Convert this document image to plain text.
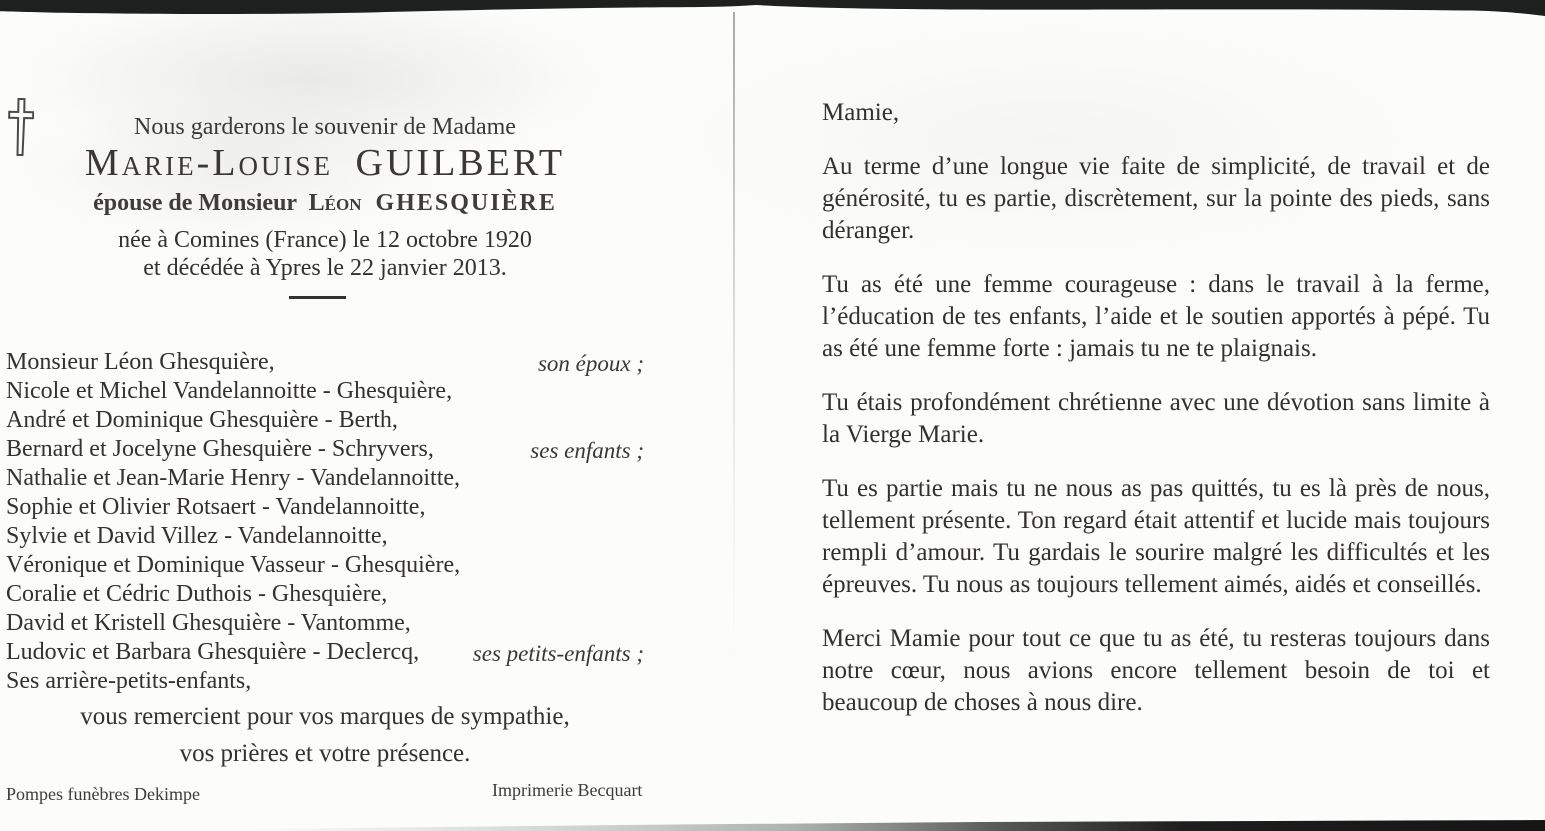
Nous garderons le souvenir de Madame
Marie-Louise GUILBERT
épouse de Monsieur Léon GHESQUIÈRE
née à Comines (France) le 12 octobre 1920
et décédée à Ypres le 22 janvier 2013.
Monsieur Léon Ghesquière,	son époux ;
Nicole et Michel Vandelannoitte - Ghesquière,
André et Dominique Ghesquière - Berth,
Bernard et Jocelyne Ghesquière - Schryvers,	ses enfants ;
Nathalie et Jean-Marie Henry - Vandelannoitte,
Sophie et Olivier Rotsaert - Vandelannoitte,
Sylvie et David Villez - Vandelannoitte,
Véronique et Dominique Vasseur - Ghesquière,
Coralie et Cédric Duthois - Ghesquière,
David et Kristell Ghesquière - Vantomme,
Ludovic et Barbara Ghesquière - Declercq, ses petits-enfants ;
Ses arrière-petits-enfants,
vous remercient pour vos marques de sympathie,
vos prières et votre présence.
Pompes funèbres Dekimpe	Imprimerie Becquart
Mamie,

Au terme d’une longue vie faite de simplicité, de travail et de générosité, tu es partie, discrètement, sur la pointe des pieds, sans déranger.

Tu as été une femme courageuse : dans le travail à la ferme, l’éducation de tes enfants, l’aide et le soutien apportés à pépé. Tu as été une femme forte : jamais tu ne te plaignais.

Tu étais profondément chrétienne avec une dévotion sans limite à la Vierge Marie.

Tu es partie mais tu ne nous as pas quittés, tu es là près de nous, tellement présente. Ton regard était attentif et lucide mais toujours rempli d’amour. Tu gardais le sourire malgré les difficultés et les épreuves. Tu nous as toujours tellement aimés, aidés et conseillés.

Merci Mamie pour tout ce que tu as été, tu resteras toujours dans notre cœur, nous avions encore tellement besoin de toi et beaucoup de choses à nous dire.
